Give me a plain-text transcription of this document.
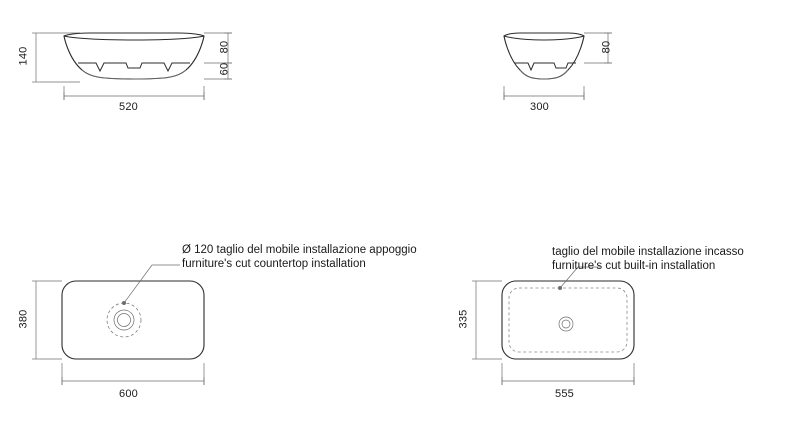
140	80
60
520
80
300
380
600
335
555
Ø 120 taglio del mobile installazione appoggio
furniture's cut countertop installation
taglio del mobile installazione incasso
furniture's cut built-in installation
